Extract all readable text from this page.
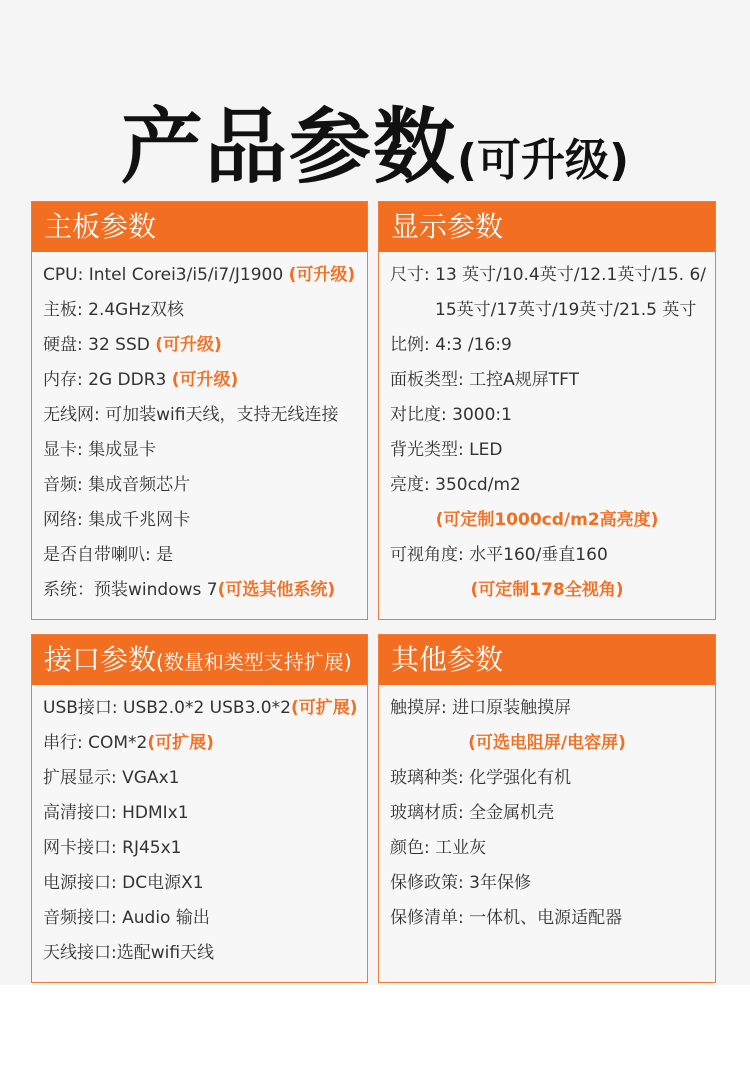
产品参数(可升级)
主板参数
CPU: Intel Corei3/i5/i7/J1900 (可升级)
主板: 2.4GHz双核
硬盘: 32 SSD (可升级)
内存: 2G DDR3 (可升级)
无线网: 可加装wifi天线，支持无线连接
显卡: 集成显卡
音频: 集成音频芯片
网络: 集成千兆网卡
是否自带喇叭: 是
系统：预装windows 7(可选其他系统)
显示参数
尺寸: 13 英寸/10.4英寸/12.1英寸/15. 6/
15英寸/17英寸/19英寸/21.5 英寸
比例: 4:3 /16:9
面板类型: 工控A规屏TFT
对比度: 3000:1
背光类型: LED
亮度: 350cd/m2
(可定制1000cd/m2高亮度)
可视角度: 水平160/垂直160
(可定制178全视角)
接口参数(数量和类型支持扩展)
USB接口: USB2.0*2 USB3.0*2(可扩展)
串行: COM*2(可扩展)
扩展显示: VGAx1
高清接口: HDMIx1
网卡接口: RJ45x1
电源接口: DC电源X1
音频接口: Audio 输出
天线接口:选配wifi天线
其他参数
触摸屏: 进口原装触摸屏
(可选电阻屏/电容屏)
玻璃种类: 化学强化有机
玻璃材质: 全金属机壳
颜色: 工业灰
保修政策: 3年保修
保修清单: 一体机、电源适配器
